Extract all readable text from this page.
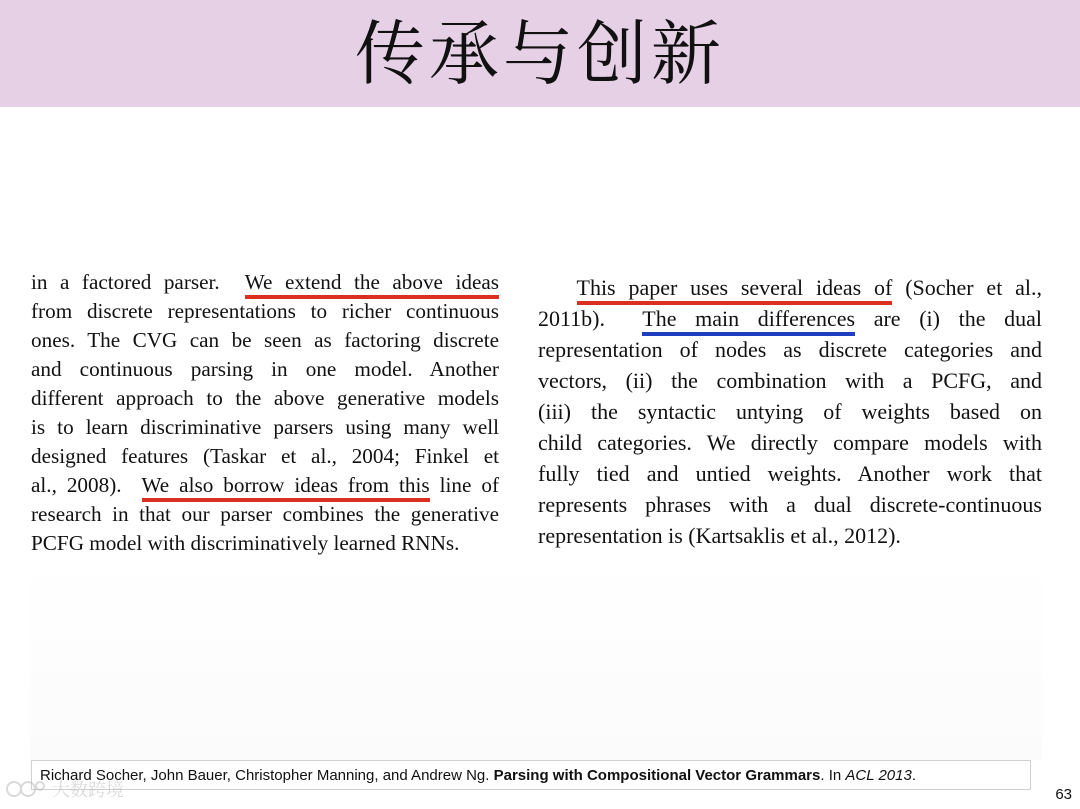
传承与创新
in a factored parser. We extend the above ideas
from discrete representations to richer continuous
ones. The CVG can be seen as factoring discrete
and continuous parsing in one model. Another
different approach to the above generative models
is to learn discriminative parsers using many well
designed features (Taskar et al., 2004; Finkel et
al., 2008). We also borrow ideas from this line of
research in that our parser combines the generative
PCFG model with discriminatively learned RNNs.
This paper uses several ideas of (Socher et al.,
2011b). The main differences are (i) the dual
representation of nodes as discrete categories and
vectors, (ii) the combination with a PCFG, and
(iii) the syntactic untying of weights based on
child categories. We directly compare models with
fully tied and untied weights. Another work that
represents phrases with a dual discrete-continuous
representation is (Kartsaklis et al., 2012).
Richard Socher, John Bauer, Christopher Manning, and Andrew Ng. Parsing with Compositional Vector Grammars. In ACL 2013.
大数跨境	63
